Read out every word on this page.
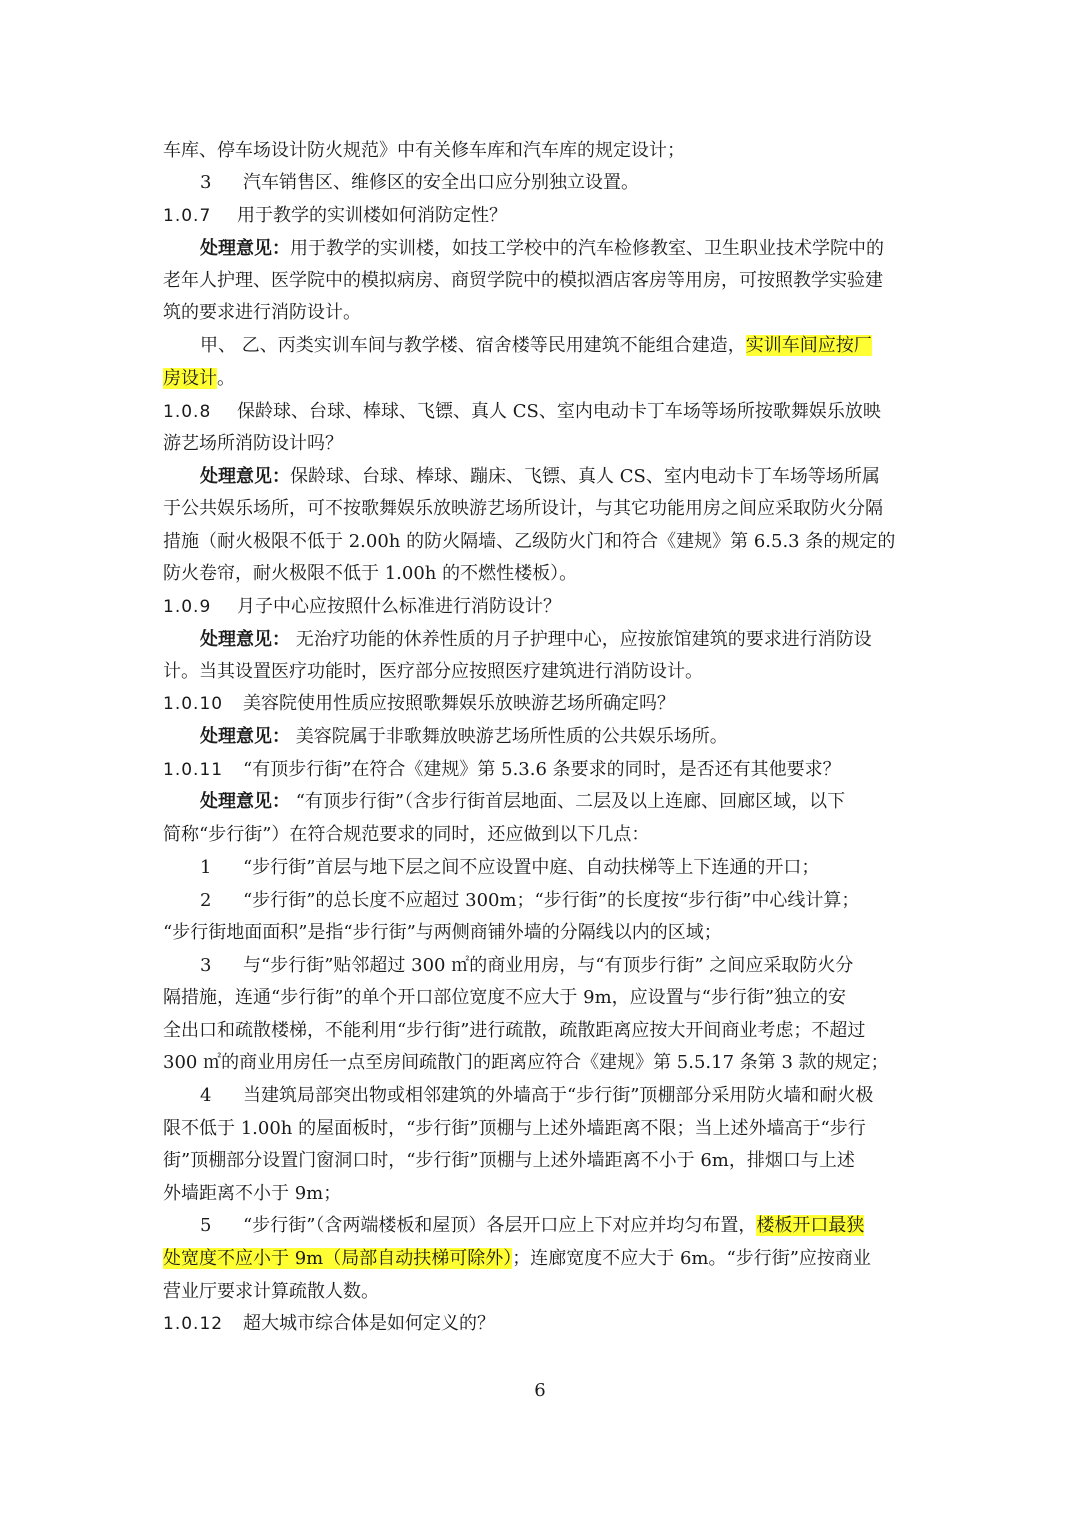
车库、停车场设计防火规范》中有关修车库和汽车库的规定设计；
3 汽车销售区、维修区的安全出口应分别独立设置。
1.0.7 用于教学的实训楼如何消防定性？
处理意见：用于教学的实训楼，如技工学校中的汽车检修教室、卫生职业技术学院中的
老年人护理、医学院中的模拟病房、商贸学院中的模拟酒店客房等用房，可按照教学实验建
筑的要求进行消防设计。
甲、 乙、丙类实训车间与教学楼、宿舍楼等民用建筑不能组合建造，实训车间应按厂
房设计。
1.0.8 保龄球、台球、棒球、飞镖、真人 CS、室内电动卡丁车场等场所按歌舞娱乐放映
游艺场所消防设计吗？
处理意见：保龄球、台球、棒球、蹦床、飞镖、真人 CS、室内电动卡丁车场等场所属
于公共娱乐场所，可不按歌舞娱乐放映游艺场所设计，与其它功能用房之间应采取防火分隔
措施（耐火极限不低于 2.00h 的防火隔墙、乙级防火门和符合《建规》第 6.5.3 条的规定的
防火卷帘，耐火极限不低于 1.00h 的不燃性楼板）。
1.0.9 月子中心应按照什么标准进行消防设计？
处理意见： 无治疗功能的休养性质的月子护理中心，应按旅馆建筑的要求进行消防设
计。当其设置医疗功能时，医疗部分应按照医疗建筑进行消防设计。
1.0.10 美容院使用性质应按照歌舞娱乐放映游艺场所确定吗？
处理意见： 美容院属于非歌舞放映游艺场所性质的公共娱乐场所。
1.0.11 “有顶步行街”在符合《建规》第 5.3.6 条要求的同时，是否还有其他要求？
处理意见： “有顶步行街”（含步行街首层地面、二层及以上连廊、回廊区域，以下
简称“步行街”）在符合规范要求的同时，还应做到以下几点：
1 “步行街”首层与地下层之间不应设置中庭、自动扶梯等上下连通的开口；
2 “步行街”的总长度不应超过 300m；“步行街”的长度按“步行街”中心线计算；
“步行街地面面积”是指“步行街”与两侧商铺外墙的分隔线以内的区域；
3 与“步行街”贴邻超过 300 ㎡的商业用房，与“有顶步行街” 之间应采取防火分
隔措施，连通“步行街”的单个开口部位宽度不应大于 9m，应设置与“步行街”独立的安
全出口和疏散楼梯，不能利用“步行街”进行疏散，疏散距离应按大开间商业考虑；不超过
300 ㎡的商业用房任一点至房间疏散门的距离应符合《建规》第 5.5.17 条第 3 款的规定；
4 当建筑局部突出物或相邻建筑的外墙高于“步行街”顶棚部分采用防火墙和耐火极
限不低于 1.00h 的屋面板时，“步行街”顶棚与上述外墙距离不限；当上述外墙高于“步行
街”顶棚部分设置门窗洞口时，“步行街”顶棚与上述外墙距离不小于 6m，排烟口与上述
外墙距离不小于 9m；
5 “步行街”（含两端楼板和屋顶）各层开口应上下对应并均匀布置，楼板开口最狭
处宽度不应小于 9m（局部自动扶梯可除外）；连廊宽度不应大于 6m。“步行街”应按商业
营业厅要求计算疏散人数。
1.0.12 超大城市综合体是如何定义的？
6
